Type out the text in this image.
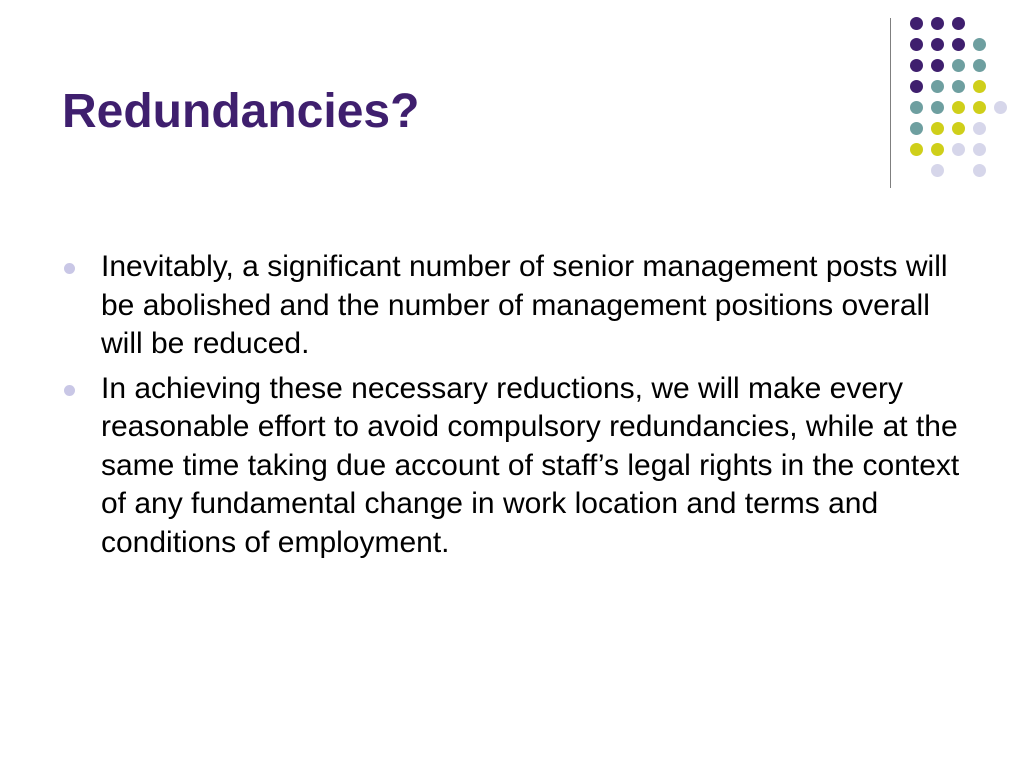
Redundancies?
Inevitably, a significant number of senior management posts will be abolished and the number of management positions overall will be reduced.
In achieving these necessary reductions, we will make every reasonable effort to avoid compulsory redundancies, while at the same time taking due account of staff’s legal rights in the context of any fundamental change in work location and terms and conditions of employment.
